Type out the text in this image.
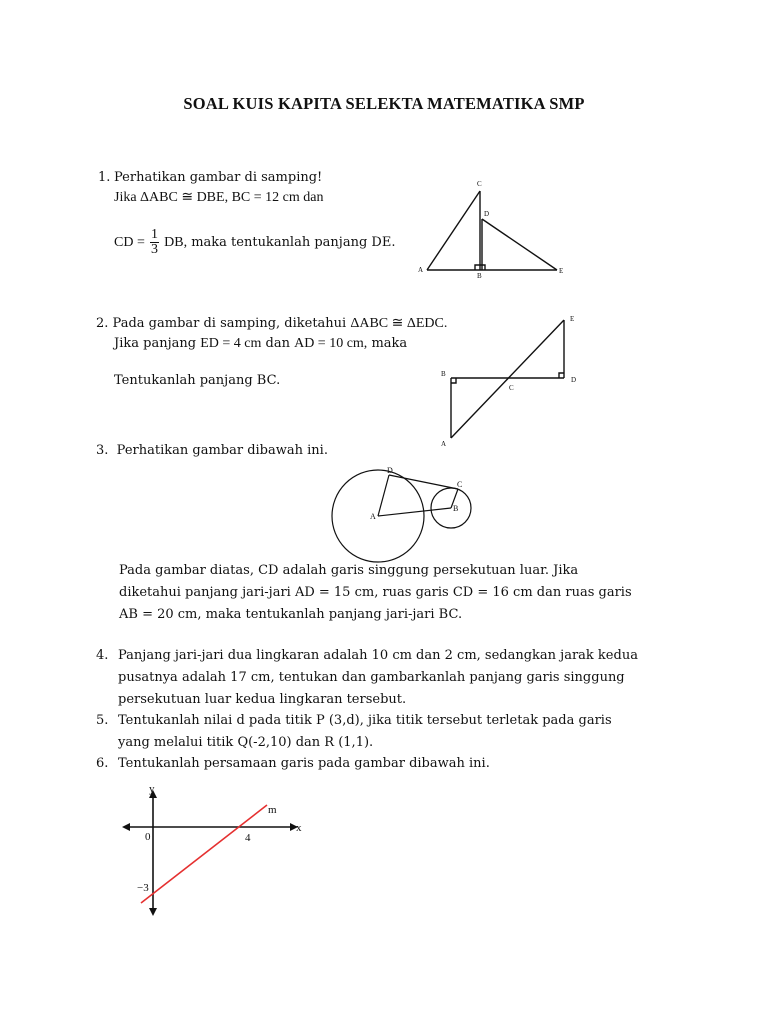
SOAL KUIS KAPITA SELEKTA MATEMATIKA SMP
1. Perhatikan gambar di samping!
Jika ΔABC ≅ DBE, BC = 12 cm dan
CD = $\frac{1}{3}$ DB, maka tentukanlah panjang DE.
A
B
C
D
E
2. Pada gambar di samping, diketahui ΔABC ≅ ΔEDC.
Jika panjang ED = 4 cm dan AD = 10 cm, maka
Tentukanlah panjang BC.
A
B
C
D
E
3. Perhatikan gambar dibawah ini.
A
B
C
D
Pada gambar diatas, CD adalah garis singgung persekutuan luar. Jika
diketahui panjang jari-jari AD = 15 cm, ruas garis CD = 16 cm dan ruas garis
AB = 20 cm, maka tentukanlah panjang jari-jari BC.
4. Panjang jari-jari dua lingkaran adalah 10 cm dan 2 cm, sedangkan jarak kedua
pusatnya adalah 17 cm, tentukan dan gambarkanlah panjang garis singgung
persekutuan luar kedua lingkaran tersebut.
5. Tentukanlah nilai d pada titik P (3,d), jika titik tersebut terletak pada garis
yang melalui titik Q(-2,10) dan R (1,1).
6. Tentukanlah persamaan garis pada gambar dibawah ini.
y
x
m
0	4
−3
